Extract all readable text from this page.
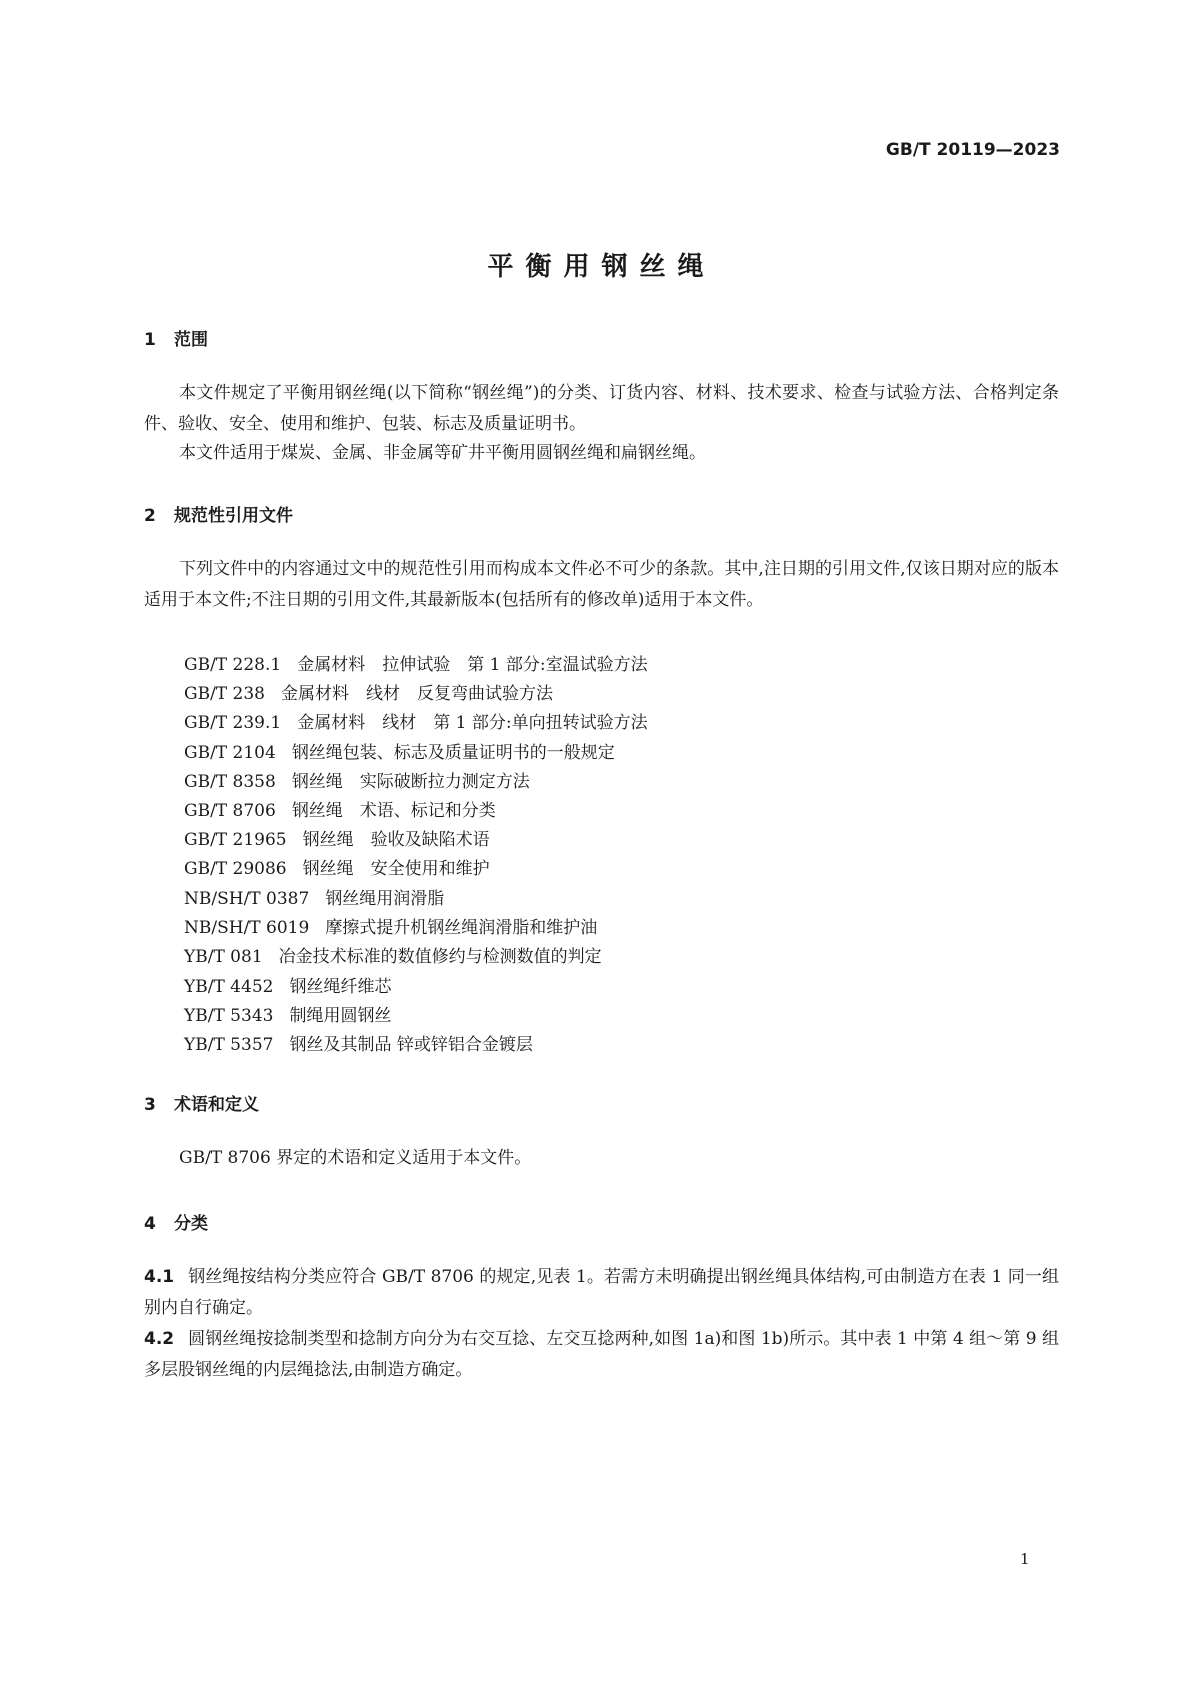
GB/T 20119—2023
平衡用钢丝绳
1 范围
本文件规定了平衡用钢丝绳(以下简称“钢丝绳”)的分类、订货内容、材料、技术要求、检查与试验方法、合格判定条件、验收、安全、使用和维护、包装、标志及质量证明书。
本文件适用于煤炭、金属、非金属等矿井平衡用圆钢丝绳和扁钢丝绳。
2 规范性引用文件
下列文件中的内容通过文中的规范性引用而构成本文件必不可少的条款。其中,注日期的引用文件,仅该日期对应的版本适用于本文件;不注日期的引用文件,其最新版本(包括所有的修改单)适用于本文件。
GB/T 228.1 金属材料　拉伸试验　第 1 部分:室温试验方法
GB/T 238 金属材料　线材　反复弯曲试验方法
GB/T 239.1 金属材料　线材　第 1 部分:单向扭转试验方法
GB/T 2104 钢丝绳包装、标志及质量证明书的一般规定
GB/T 8358 钢丝绳　实际破断拉力测定方法
GB/T 8706 钢丝绳　术语、标记和分类
GB/T 21965 钢丝绳　验收及缺陷术语
GB/T 29086 钢丝绳　安全使用和维护
NB/SH/T 0387 钢丝绳用润滑脂
NB/SH/T 6019 摩擦式提升机钢丝绳润滑脂和维护油
YB/T 081 冶金技术标准的数值修约与检测数值的判定
YB/T 4452 钢丝绳纤维芯
YB/T 5343 制绳用圆钢丝
YB/T 5357 钢丝及其制品 锌或锌铝合金镀层
3 术语和定义
GB/T 8706 界定的术语和定义适用于本文件。
4 分类
4.1 钢丝绳按结构分类应符合 GB/T 8706 的规定,见表 1。若需方未明确提出钢丝绳具体结构,可由制造方在表 1 同一组别内自行确定。
4.2 圆钢丝绳按捻制类型和捻制方向分为右交互捻、左交互捻两种,如图 1a)和图 1b)所示。其中表 1 中第 4 组～第 9 组多层股钢丝绳的内层绳捻法,由制造方确定。
1
